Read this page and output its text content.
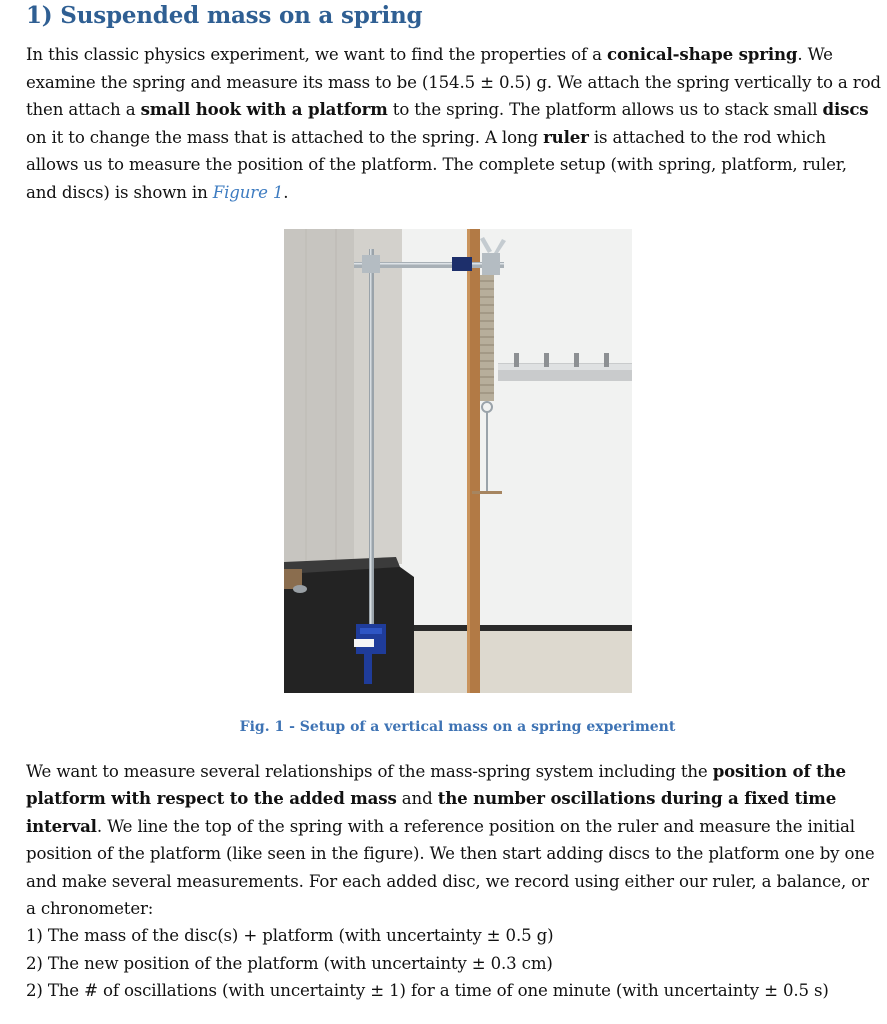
1) Suspended mass on a spring
In this classic physics experiment, we want to find the properties of a conical-shape spring. We examine the spring and measure its mass to be (154.5 ± 0.5) g. We attach the spring vertically to a rod then attach a small hook with a platform to the spring. The platform allows us to stack small discs on it to change the mass that is attached to the spring. A long ruler is attached to the rod which allows us to measure the position of the platform. The complete setup (with spring, platform, ruler, and discs) is shown in Figure 1.
Fig. 1 - Setup of a vertical mass on a spring experiment
We want to measure several relationships of the mass-spring system including the position of the platform with respect to the added mass and the number oscillations during a fixed time interval. We line the top of the spring with a reference position on the ruler and measure the initial position of the platform (like seen in the figure). We then start adding discs to the platform one by one and make several measurements. For each added disc, we record using either our ruler, a balance, or a chronometer:
1) The mass of the disc(s) + platform (with uncertainty ± 0.5 g)
2) The new position of the platform (with uncertainty ± 0.3 cm)
2) The # of oscillations (with uncertainty ± 1) for a time of one minute (with uncertainty ± 0.5 s)
